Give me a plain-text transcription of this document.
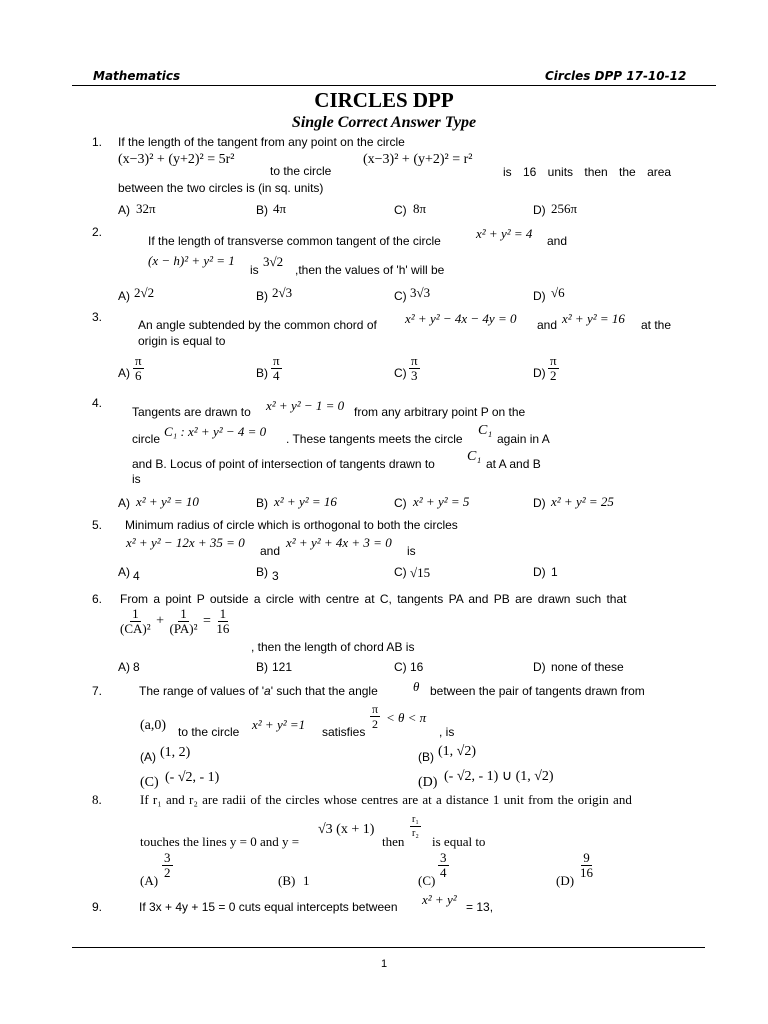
Mathematics	Circles DPP 17-10-12
CIRCLES DPP
Single Correct Answer Type
1. If the length of the tangent from any point on the circle
(x−3)² + (y+2)² = 5r²
to the circle
(x−3)² + (y+2)² = r²
is 16 units then the area
between the two circles is (in sq. units)
A) 32π	B) 4π	C) 8π	D) 256π
2.
If the length of transverse common tangent of the circle	x² + y² = 4 and
(x − h)² + y² = 1
is
3√2
,then the values of 'h' will be
A) 2√2	B) 2√3	C) 3√3	D) √6
3.
An angle subtended by the common chord of x² + y² − 4x − 4y = 0 and x² + y² = 16 at the
origin is equal to
$A) \frac{\pi}{6}$	$B) \frac{\pi}{4}$	$C) \frac{\pi}{3}$	$D) \frac{\pi}{2}$
4.
Tangents are drawn to x² + y² − 1 = 0 from any arbitrary point P on the
circle C₁ : x² + y² − 4 = 0 . These tangents meets the circle
C₁
again in A
and B. Locus of point of intersection of tangents drawn to C₁ at A and B
is
A) x² + y² = 10	B) x² + y² = 16	C) x² + y² = 5	D) x² + y² = 25
5. Minimum radius of circle which is orthogonal to both the circles
x² + y² − 12x + 35 = 0
and
x² + y² + 4x + 3 = 0
is
A) 4	B) 3	C) √15	D) 1
6. From a point P outside a circle with centre at C, tangents PA and PB are drawn such that
$\frac{1}{\text{(CA)²}} + \frac{1}{\text{(PA)²}} = \frac{1}{16}$
, then the length of chord AB is
A) 8	B) 121	C) 16	D) none of these
7.	The range of values of 'a' such that the angle	θ between the pair of tangents drawn from
(a,0) to the circle x² + y² =1 satisfies
$\frac{\pi}{2} < \theta < \pi$
, is
(A) (1, 2)	(B) (1, √2)
(C) (- √2, - 1)	(D) (- √2, - 1) ∪ (1, √2)
8.	If r₁ and r₂ are radii of the circles whose centres are at a distance 1 unit from the origin and
touches the lines y = 0 and y =
√3 (x + 1)
then
$\frac{\text{r₁}}{\text{r₂}}$
is equal to
(A)
$\frac{3}{2}$
(B) 1	(C)
$\frac{3}{4}$
(D)
$\frac{9}{16}$
9.	If 3x + 4y + 15 = 0 cuts equal intercepts between x² + y² = 13,
1
